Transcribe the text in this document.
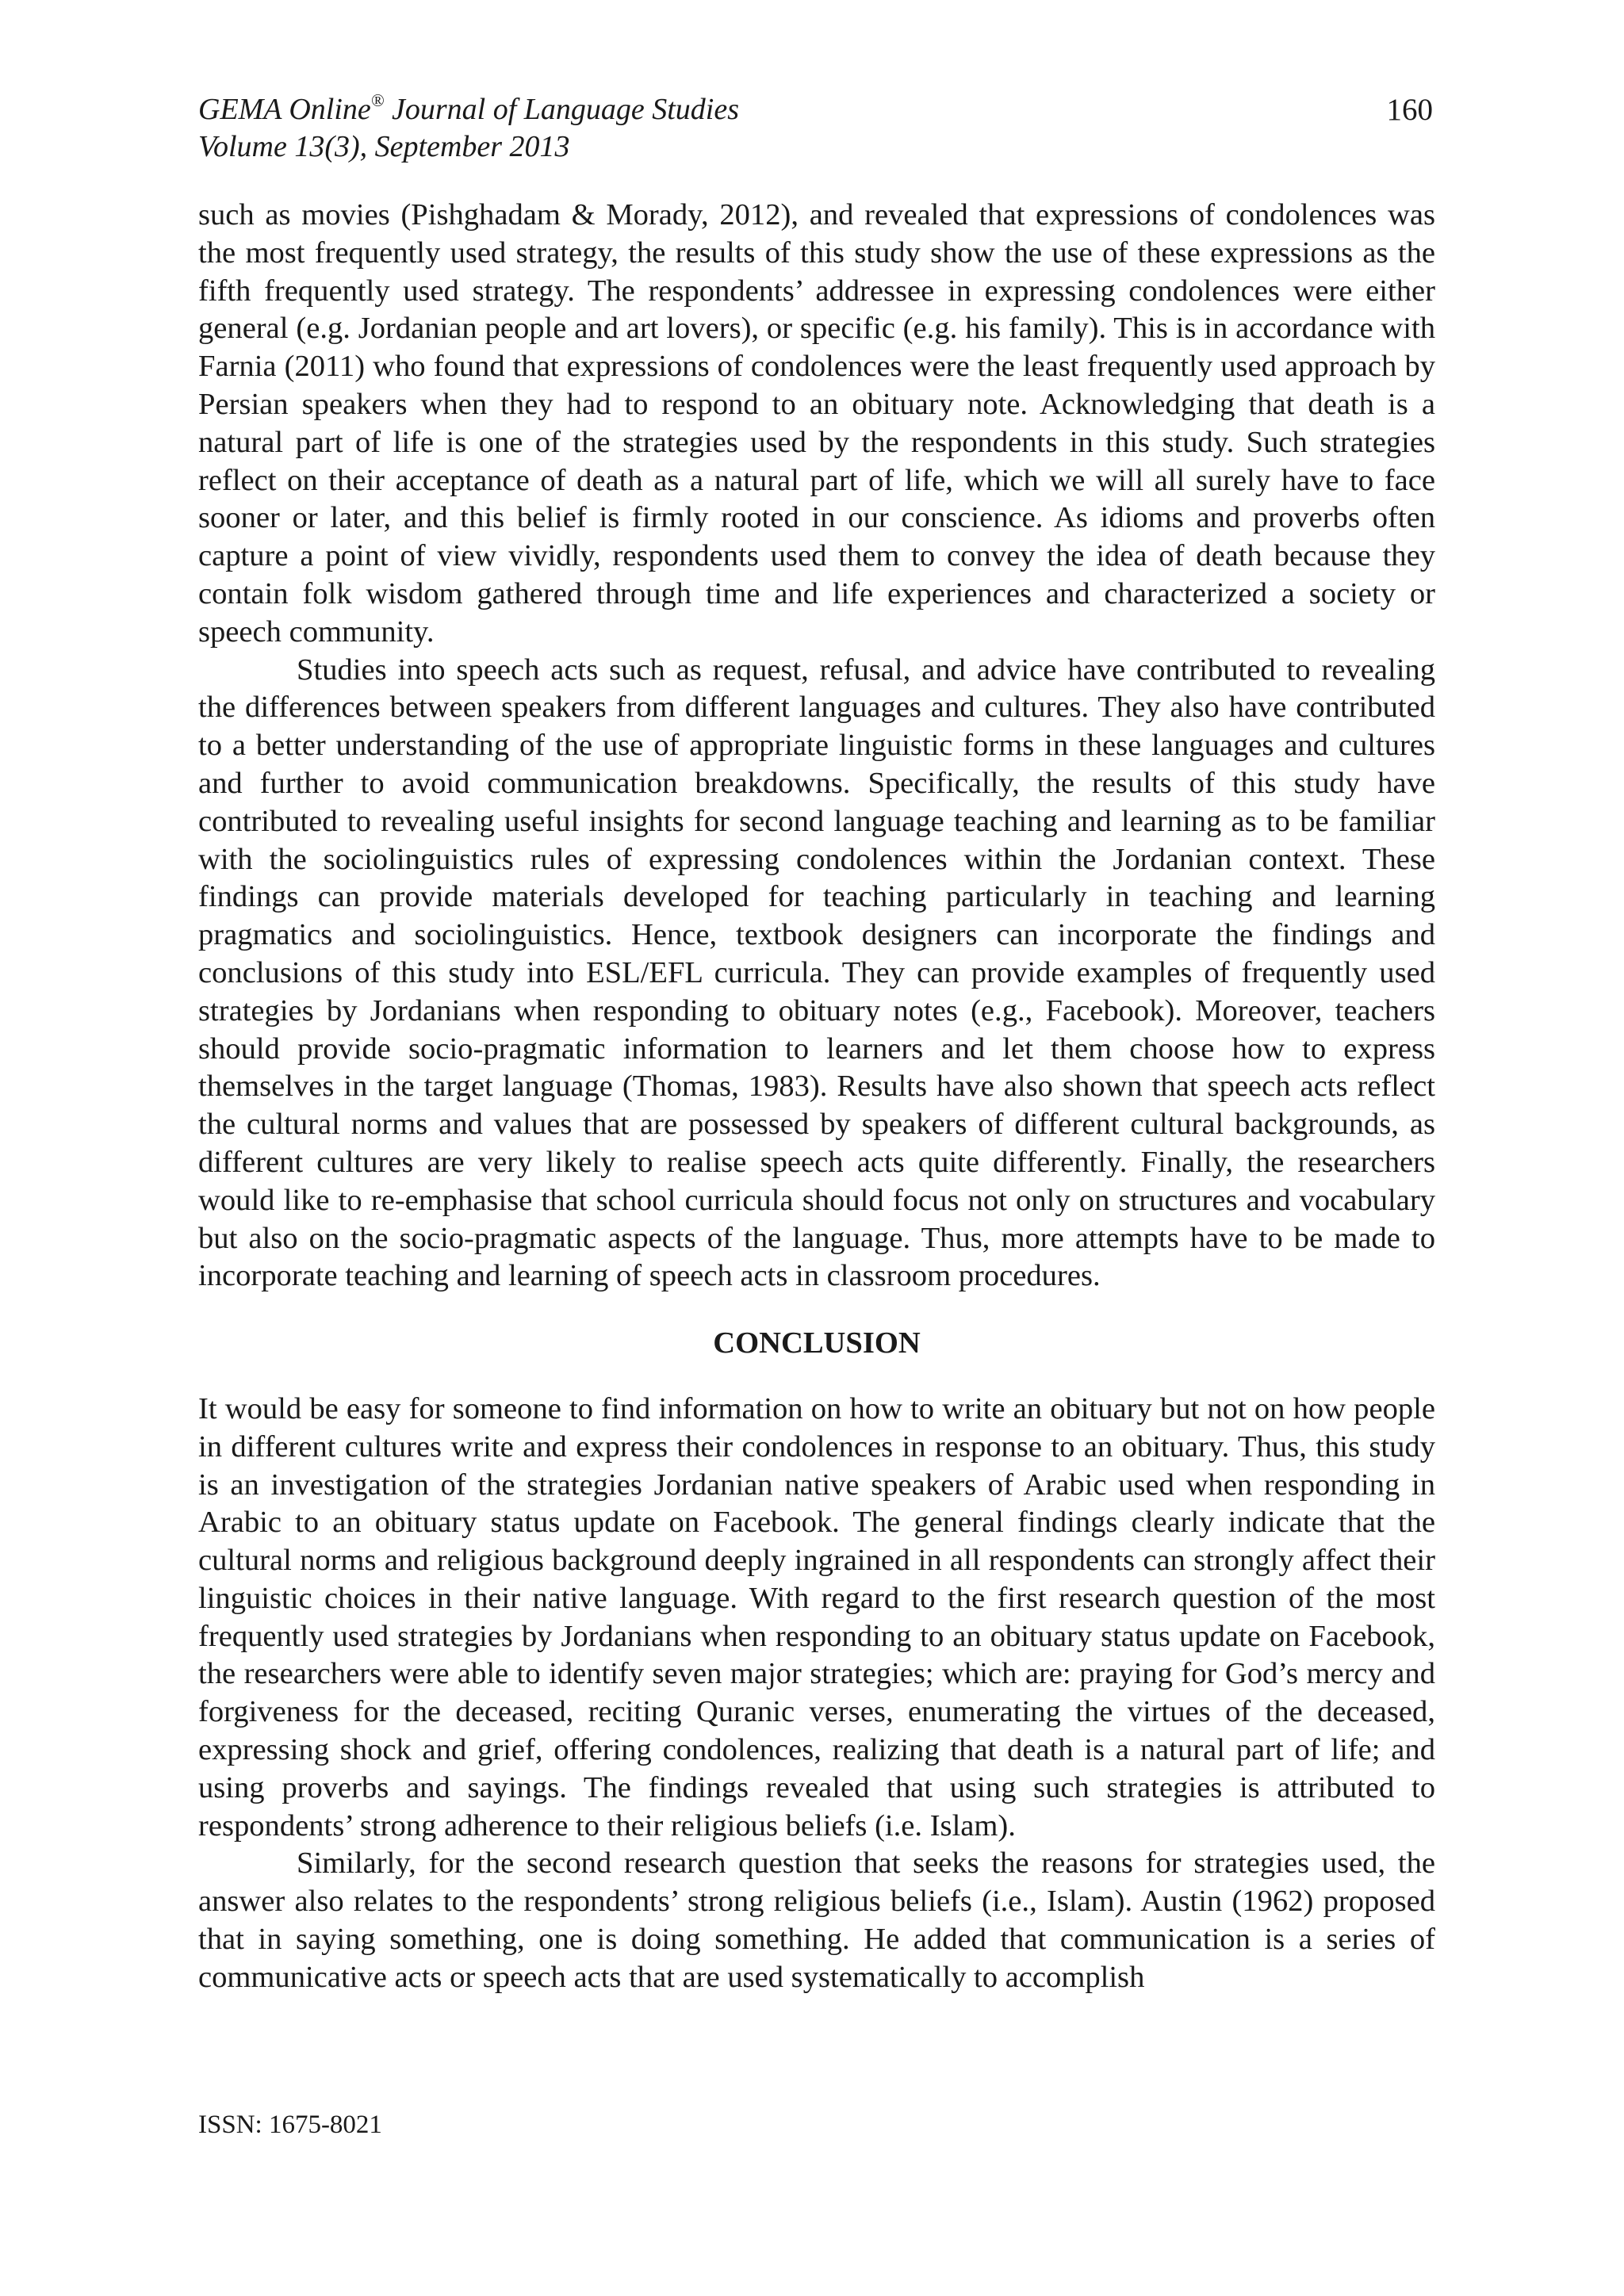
GEMA Online® Journal of Language Studies
Volume 13(3), September 2013
160

such as movies (Pishghadam & Morady, 2012), and revealed that expressions of condolences was the most frequently used strategy, the results of this study show the use of these expressions as the fifth frequently used strategy. The respondents’ addressee in expressing condolences were either general (e.g. Jordanian people and art lovers), or specific (e.g. his family). This is in accordance with Farnia (2011) who found that expressions of condolences were the least frequently used approach by Persian speakers when they had to respond to an obituary note. Acknowledging that death is a natural part of life is one of the strategies used by the respondents in this study. Such strategies reflect on their acceptance of death as a natural part of life, which we will all surely have to face sooner or later, and this belief is firmly rooted in our conscience. As idioms and proverbs often capture a point of view vividly, respondents used them to convey the idea of death because they contain folk wisdom gathered through time and life experiences and characterized a society or speech community.

Studies into speech acts such as request, refusal, and advice have contributed to revealing the differences between speakers from different languages and cultures. They also have contributed to a better understanding of the use of appropriate linguistic forms in these languages and cultures and further to avoid communication breakdowns. Specifically, the results of this study have contributed to revealing useful insights for second language teaching and learning as to be familiar with the sociolinguistics rules of expressing condolences within the Jordanian context. These findings can provide materials developed for teaching particularly in teaching and learning pragmatics and sociolinguistics. Hence, textbook designers can incorporate the findings and conclusions of this study into ESL/EFL curricula. They can provide examples of frequently used strategies by Jordanians when responding to obituary notes (e.g., Facebook). Moreover, teachers should provide socio-pragmatic information to learners and let them choose how to express themselves in the target language (Thomas, 1983). Results have also shown that speech acts reflect the cultural norms and values that are possessed by speakers of different cultural backgrounds, as different cultures are very likely to realise speech acts quite differently. Finally, the researchers would like to re-emphasise that school curricula should focus not only on structures and vocabulary but also on the socio-pragmatic aspects of the language. Thus, more attempts have to be made to incorporate teaching and learning of speech acts in classroom procedures.

CONCLUSION

It would be easy for someone to find information on how to write an obituary but not on how people in different cultures write and express their condolences in response to an obituary. Thus, this study is an investigation of the strategies Jordanian native speakers of Arabic used when responding in Arabic to an obituary status update on Facebook. The general findings clearly indicate that the cultural norms and religious background deeply ingrained in all respondents can strongly affect their linguistic choices in their native language. With regard to the first research question of the most frequently used strategies by Jordanians when responding to an obituary status update on Facebook, the researchers were able to identify seven major strategies; which are: praying for God’s mercy and forgiveness for the deceased, reciting Quranic verses, enumerating the virtues of the deceased, expressing shock and grief, offering condolences, realizing that death is a natural part of life; and using proverbs and sayings. The findings revealed that using such strategies is attributed to respondents’ strong adherence to their religious beliefs (i.e. Islam).

Similarly, for the second research question that seeks the reasons for strategies used, the answer also relates to the respondents’ strong religious beliefs (i.e., Islam). Austin (1962) proposed that in saying something, one is doing something. He added that communication is a series of communicative acts or speech acts that are used systematically to accomplish

ISSN: 1675-8021
